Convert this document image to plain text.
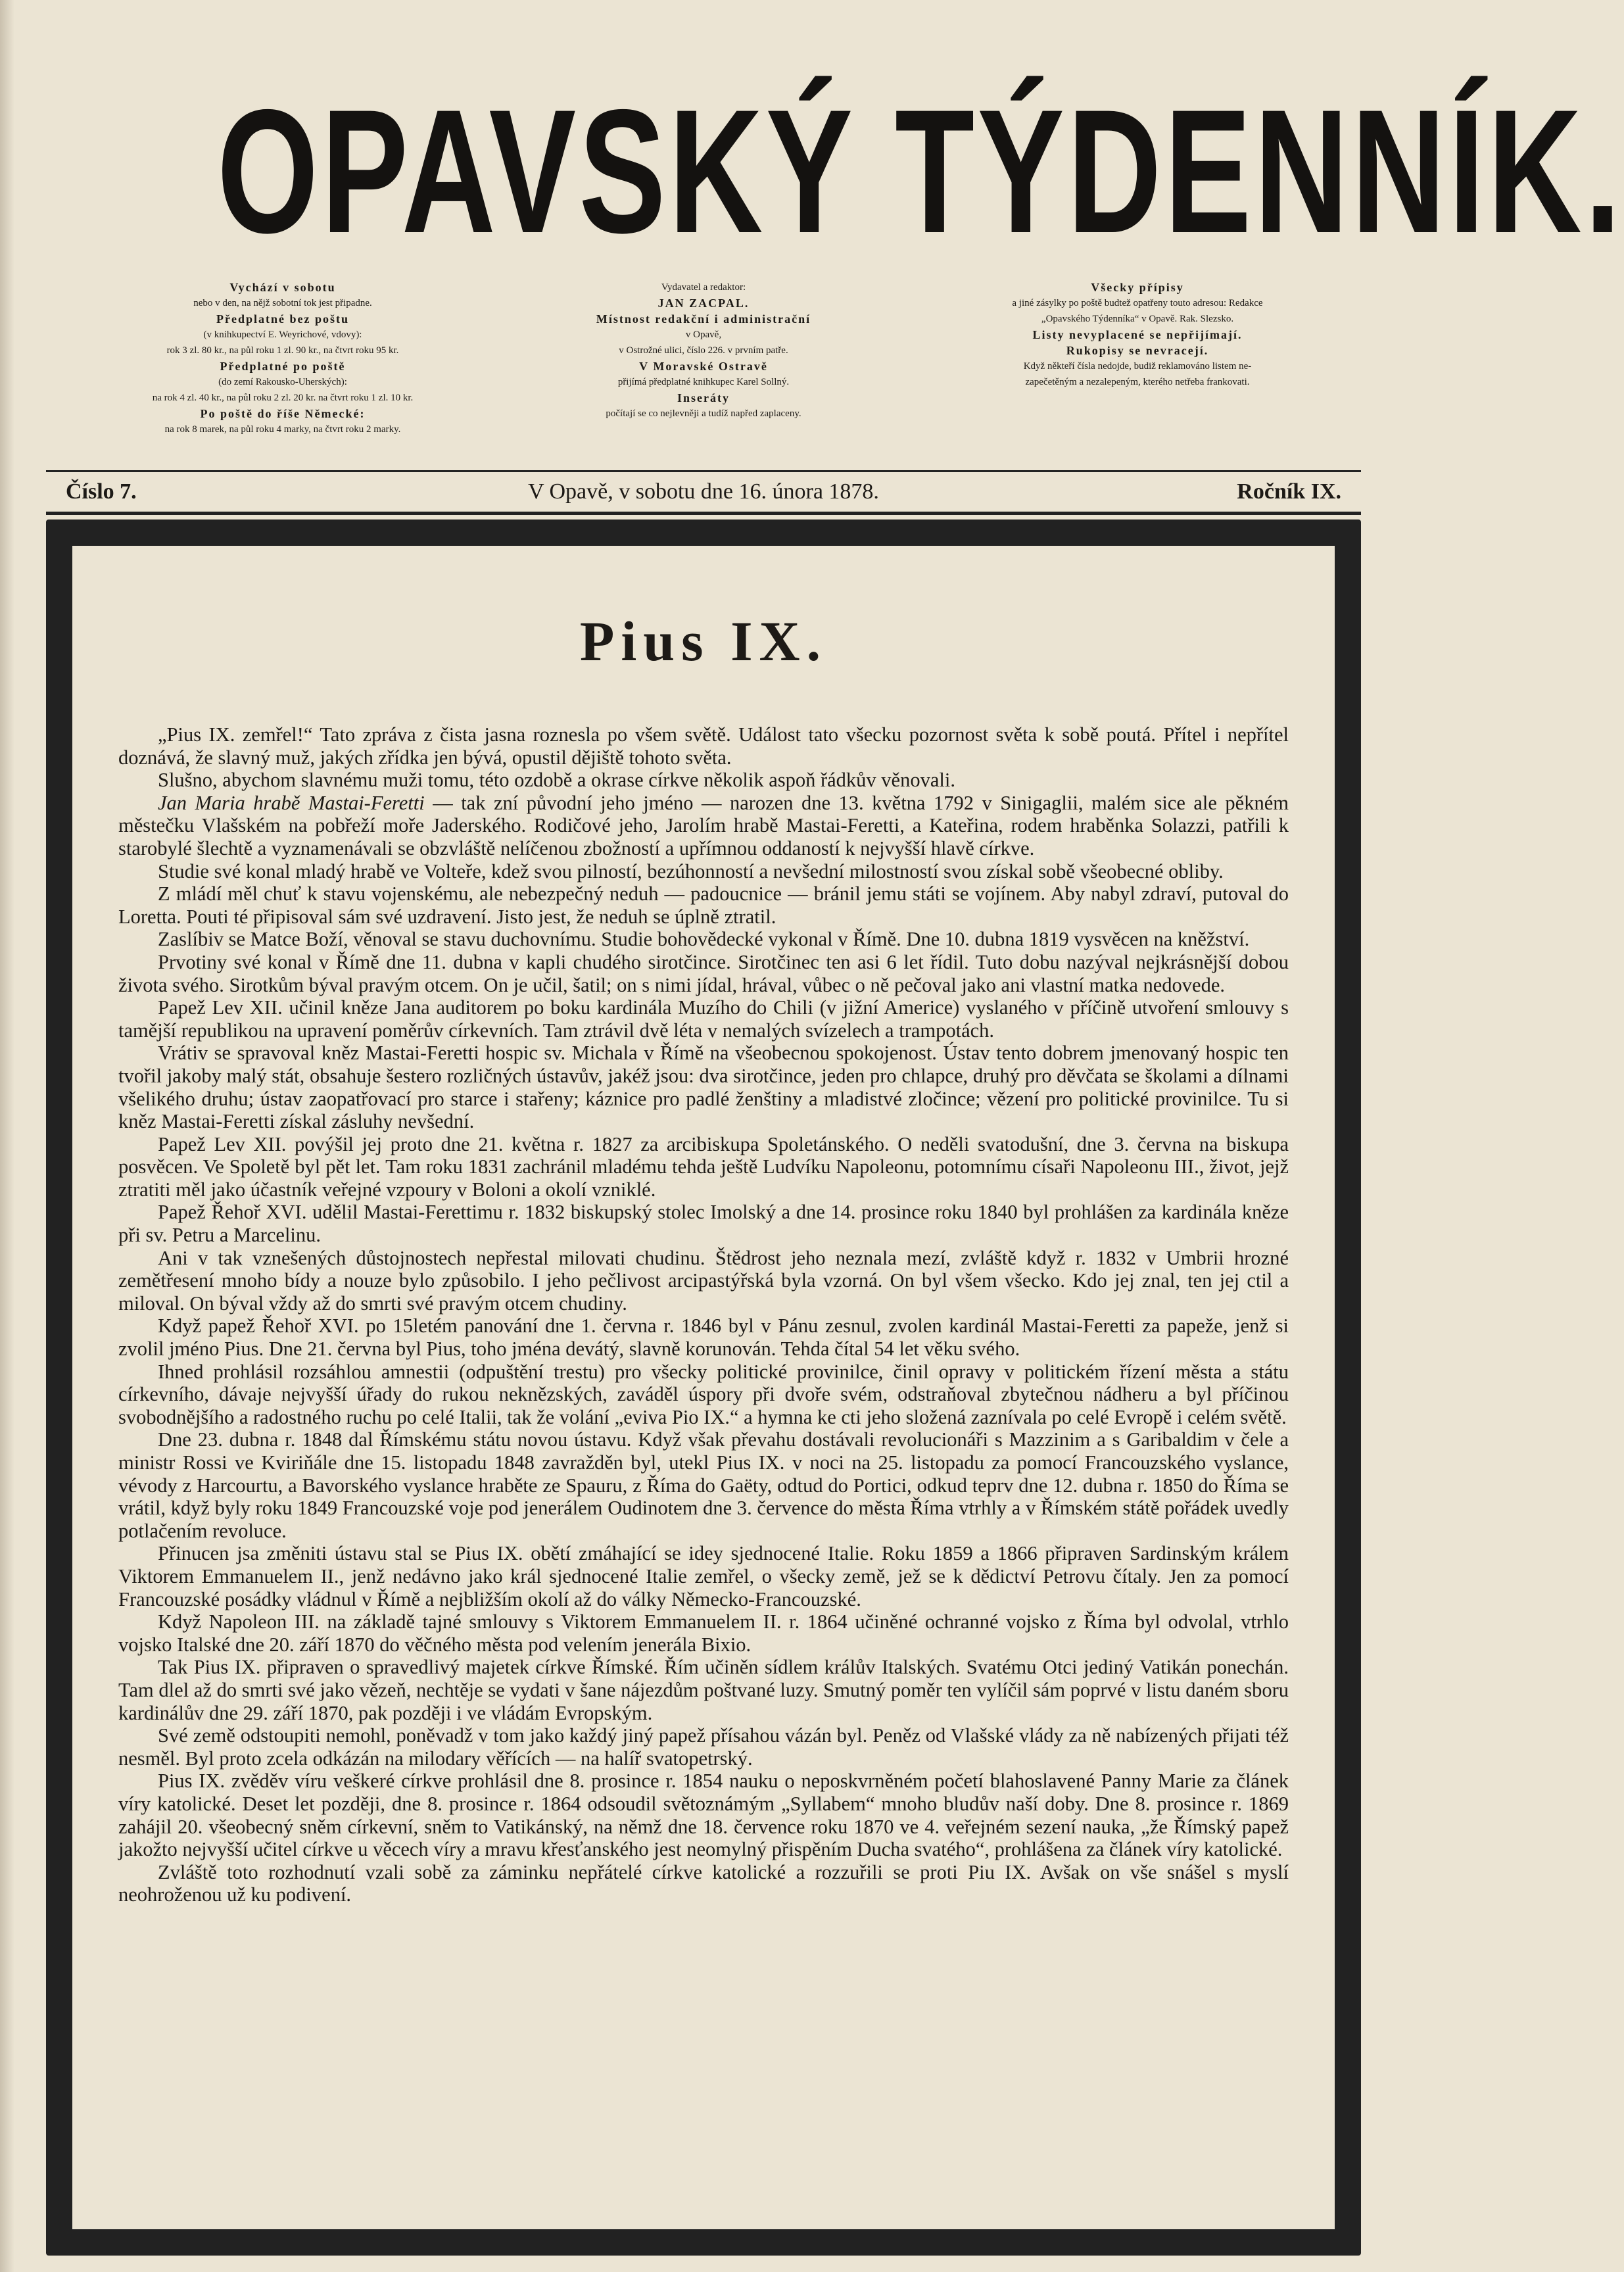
OPAVSKÝ TÝDENNÍK.
Vychází v sobotu
nebo v den, na nějž sobotní tok jest připadne.
Předplatné bez poštu
(v knihkupectví E. Weyrichové, vdovy):
rok 3 zl. 80 kr., na půl roku 1 zl. 90 kr., na čtvrt roku 95 kr.
Předplatné po poště
(do zemí Rakousko-Uherských):
na rok 4 zl. 40 kr., na půl roku 2 zl. 20 kr. na čtvrt roku 1 zl. 10 kr.
Po poště do říše Německé:
na rok 8 marek, na půl roku 4 marky, na čtvrt roku 2 marky.
Vydavatel a redaktor:
JAN ZACPAL.
Místnost redakční i administrační
v Opavě,
v Ostrožné ulici, číslo 226. v prvním patře.
V Moravské Ostravě
přijímá předplatné knihkupec Karel Sollný.
Inseráty
počítají se co nejlevněji a tudíž napřed zaplaceny.
Všecky přípisy
a jiné zásylky po poště budtež opatřeny touto adresou: Redakce
„Opavského Týdenníka“ v Opavě. Rak. Slezsko.
Listy nevyplacené se nepřijímají.
Rukopisy se nevracejí.
Když někteří čísla nedojde, budiž reklamováno listem ne-
zapečetěným a nezalepeným, kterého netřeba frankovati.
V Opavě, v sobotu dne 16. února 1878.
Číslo 7.	Ročník IX.
Pius IX.

„Pius IX. zemřel!“ Tato zpráva z čista jasna roznesla po všem světě. Událost tato všecku pozornost světa k sobě poutá. Přítel i nepřítel doznává, že slavný muž, jakých zřídka jen bývá, opustil dějiště tohoto světa.

Slušno, abychom slavnému muži tomu, této ozdobě a okrase církve několik aspoň řádkův věnovali.

Jan Maria hrabě Mastai-Feretti — tak zní původní jeho jméno — narozen dne 13. května 1792 v Sinigaglii, malém sice ale pěkném městečku Vlašském na pobřeží moře Jaderského. Rodičové jeho, Jarolím hrabě Mastai-Feretti, a Kateřina, rodem hraběnka Solazzi, patřili k starobylé šlechtě a vyznamenávali se obzvláště nelíčenou zbožností a upřímnou oddaností k nejvyšší hlavě církve.

Studie své konal mladý hrabě ve Volteře, kdež svou pilností, bezúhonností a nevšední milostností svou získal sobě všeobecné obliby.

Z mládí měl chuť k stavu vojenskému, ale nebezpečný neduh — padoucnice — bránil jemu státi se vojínem. Aby nabyl zdraví, putoval do Loretta. Pouti té připisoval sám své uzdravení. Jisto jest, že neduh se úplně ztratil.

Zaslíbiv se Matce Boží, věnoval se stavu duchovnímu. Studie bohovědecké vykonal v Římě. Dne 10. dubna 1819 vysvěcen na kněžství.

Prvotiny své konal v Římě dne 11. dubna v kapli chudého sirotčince. Sirotčinec ten asi 6 let řídil. Tuto dobu nazýval nejkrásnější dobou života svého. Sirotkům býval pravým otcem. On je učil, šatil; on s nimi jídal, hrával, vůbec o ně pečoval jako ani vlastní matka nedovede.

Papež Lev XII. učinil kněze Jana auditorem po boku kardinála Muzího do Chili (v jižní Americe) vyslaného v příčině utvoření smlouvy s tamější republikou na upravení poměrův církevních. Tam ztrávil dvě léta v nemalých svízelech a trampotách.

Vrátiv se spravoval kněz Mastai-Feretti hospic sv. Michala v Římě na všeobecnou spokojenost. Ústav tento dobrem jmenovaný hospic ten tvořil jakoby malý stát, obsahuje šestero rozličných ústavův, jakéž jsou: dva sirotčince, jeden pro chlapce, druhý pro děvčata se školami a dílnami všelikého druhu; ústav zaopatřovací pro starce i stařeny; káznice pro padlé ženštiny a mladistvé zločince; vězení pro politické provinilce. Tu si kněz Mastai-Feretti získal zásluhy nevšední.

Papež Lev XII. povýšil jej proto dne 21. května r. 1827 za arcibiskupa Spoletánského. O neděli svatodušní, dne 3. června na biskupa posvěcen. Ve Spoletě byl pět let. Tam roku 1831 zachránil mladému tehda ještě Ludvíku Napoleonu, potomnímu císaři Napoleonu III., život, jejž ztratiti měl jako účastník veřejné vzpoury v Boloni a okolí vzniklé.

Papež Řehoř XVI. udělil Mastai-Ferettimu r. 1832 biskupský stolec Imolský a dne 14. prosince roku 1840 byl prohlášen za kardinála kněze při sv. Petru a Marcelinu.

Ani v tak vznešených důstojnostech nepřestal milovati chudinu. Štědrost jeho neznala mezí, zvláště když r. 1832 v Umbrii hrozné zemětřesení mnoho bídy a nouze bylo způsobilo. I jeho pečlivost arcipastýřská byla vzorná. On byl všem všecko. Kdo jej znal, ten jej ctil a miloval. On býval vždy až do smrti své pravým otcem chudiny.

Když papež Řehoř XVI. po 15letém panování dne 1. června r. 1846 byl v Pánu zesnul, zvolen kardinál Mastai-Feretti za papeže, jenž si zvolil jméno Pius. Dne 21. června byl Pius, toho jména devátý, slavně korunován. Tehda čítal 54 let věku svého.

Ihned prohlásil rozsáhlou amnestii (odpuštění trestu) pro všecky politické provinilce, činil opravy v politickém řízení města a státu církevního, dávaje nejvyšší úřady do rukou neknězských, zaváděl úspory při dvoře svém, odstraňoval zbytečnou nádheru a byl příčinou svobodnějšího a radostného ruchu po celé Italii, tak že volání „eviva Pio IX.“ a hymna ke cti jeho složená zaznívala po celé Evropě i celém světě.

Dne 23. dubna r. 1848 dal Římskému státu novou ústavu. Když však převahu dostávali revolucionáři s Mazzinim a s Garibaldim v čele a ministr Rossi ve Kviriňále dne 15. listopadu 1848 zavražděn byl, utekl Pius IX. v noci na 25. listopadu za pomocí Francouzského vyslance, vévody z Harcourtu, a Bavorského vyslance hraběte ze Spauru, z Říma do Gaëty, odtud do Portici, odkud teprv dne 12. dubna r. 1850 do Říma se vrátil, když byly roku 1849 Francouzské voje pod jenerálem Oudinotem dne 3. července do města Říma vtrhly a v Římském státě pořádek uvedly potlačením revoluce.

Přinucen jsa změniti ústavu stal se Pius IX. obětí zmáhající se idey sjednocené Italie. Roku 1859 a 1866 připraven Sardinským králem Viktorem Emmanuelem II., jenž nedávno jako král sjednocené Italie zemřel, o všecky země, jež se k dědictví Petrovu čítaly. Jen za pomocí Francouzské posádky vládnul v Římě a nejbližším okolí až do války Německo-Francouzské.

Když Napoleon III. na základě tajné smlouvy s Viktorem Emmanuelem II. r. 1864 učiněné ochranné vojsko z Říma byl odvolal, vtrhlo vojsko Italské dne 20. září 1870 do věčného města pod velením jenerála Bixio.

Tak Pius IX. připraven o spravedlivý majetek církve Římské. Řím učiněn sídlem králův Italských. Svatému Otci jediný Vatikán ponechán. Tam dlel až do smrti své jako vězeň, nechtěje se vydati v šane nájezdům poštvané luzy. Smutný poměr ten vylíčil sám poprvé v listu daném sboru kardinálův dne 29. září 1870, pak později i ve vládám Evropským.

Své země odstoupiti nemohl, poněvadž v tom jako každý jiný papež přísahou vázán byl. Peněz od Vlašské vlády za ně nabízených přijati též nesměl. Byl proto zcela odkázán na milodary věřících — na halíř svatopetrský.

Pius IX. zvěděv víru veškeré církve prohlásil dne 8. prosince r. 1854 nauku o neposkvrněném početí blahoslavené Panny Marie za článek víry katolické. Deset let později, dne 8. prosince r. 1864 odsoudil světoznámým „Syllabem“ mnoho bludův naší doby. Dne 8. prosince r. 1869 zahájil 20. všeobecný sněm církevní, sněm to Vatikánský, na němž dne 18. července roku 1870 ve 4. veřejném sezení nauka, „že Římský papež jakožto nejvyšší učitel církve u věcech víry a mravu křesťanského jest neomylný přispěním Ducha svatého“, prohlášena za článek víry katolické.

Zvláště toto rozhodnutí vzali sobě za záminku nepřátelé církve katolické a rozzuřili se proti Piu IX. Avšak on vše snášel s myslí neohroženou už ku podivení.
